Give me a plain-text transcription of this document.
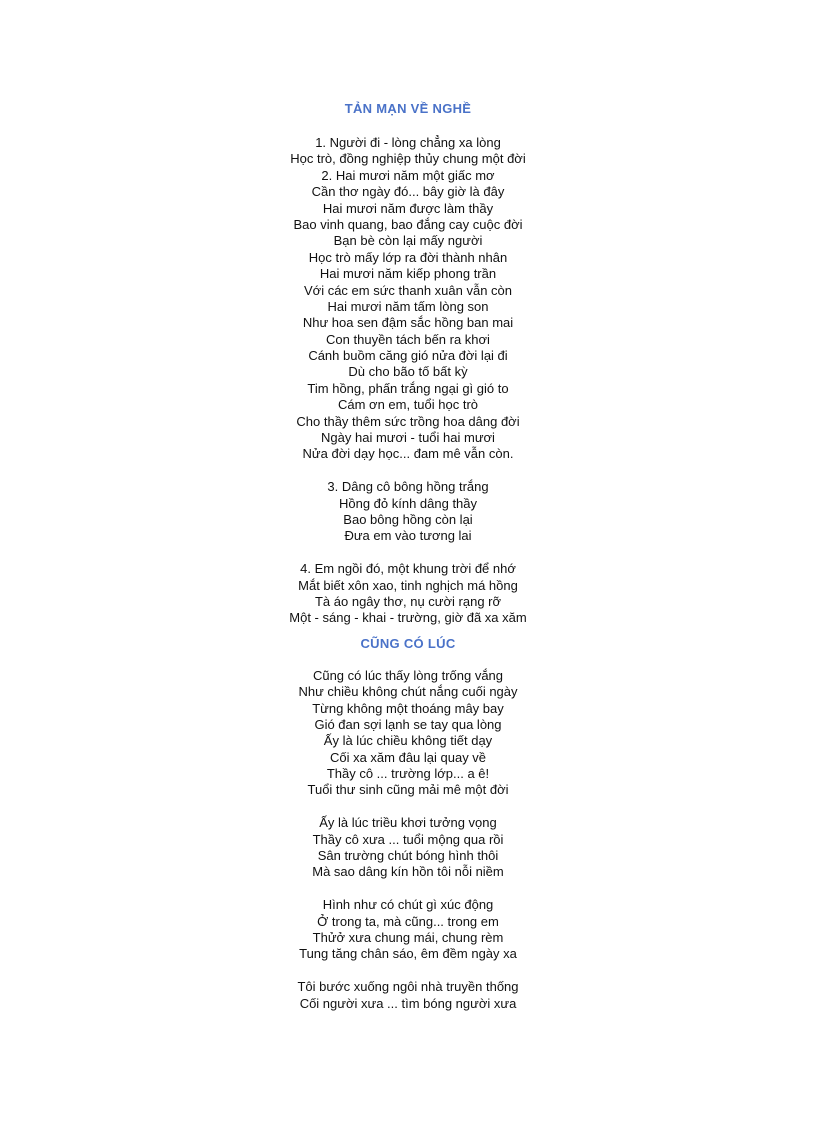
TẢN MẠN VỀ NGHỀ
1. Người đi - lòng chẳng xa lòng
Học trò, đồng nghiệp thủy chung một đời
2. Hai mươi năm một giấc mơ
Cần thơ ngày đó... bây giờ là đây
Hai mươi năm được làm thầy
Bao vinh quang, bao đắng cay cuộc đời
Bạn bè còn lại mấy người
Học trò mấy lớp ra đời thành nhân
Hai mươi năm kiếp phong trần
Với các em sức thanh xuân vẫn còn
Hai mươi năm tấm lòng son
Như hoa sen đậm sắc hồng ban mai
Con thuyền tách bến ra khơi
Cánh buồm căng gió nửa đời lại đi
Dù cho bão tố bất kỳ
Tim hồng, phấn trắng ngại gì gió to
Cám ơn em, tuổi học trò
Cho thầy thêm sức trồng hoa dâng đời
Ngày hai mươi - tuổi hai mươi
Nửa đời dạy học... đam mê vẫn còn.
3. Dâng cô bông hồng trắng
Hồng đỏ kính dâng thầy
Bao bông hồng còn lại
Đưa em vào tương lai
4. Em ngồi đó, một khung trời để nhớ
Mắt biết xôn xao, tinh nghịch má hồng
Tà áo ngây thơ, nụ cười rạng rỡ
Một - sáng - khai - trường, giờ đã xa xăm
CŨNG CÓ LÚC
Cũng có lúc thấy lòng trống vắng
Như chiều không chút nắng cuối ngày
Từng không một thoáng mây bay
Gió đan sợi lạnh se tay qua lòng
Ấy là lúc chiều không tiết dạy
Cối xa xăm đâu lại quay về
Thầy cô ... trường lớp... a ê!
Tuổi thư sinh cũng mải mê một đời
Ấy là lúc triều khơi tưởng vọng
Thầy cô xưa ... tuổi mộng qua rồi
Sân trường chút bóng hình thôi
Mà sao dâng kín hồn tôi nỗi niềm
Hình như có chút gì xúc động
Ở trong ta, mà cũng... trong em
Thửở xưa chung mái, chung rèm
Tung tăng chân sáo, êm đềm ngày xa
Tôi bước xuống ngôi nhà truyền thống
Cối người xưa ... tìm bóng người xưa
